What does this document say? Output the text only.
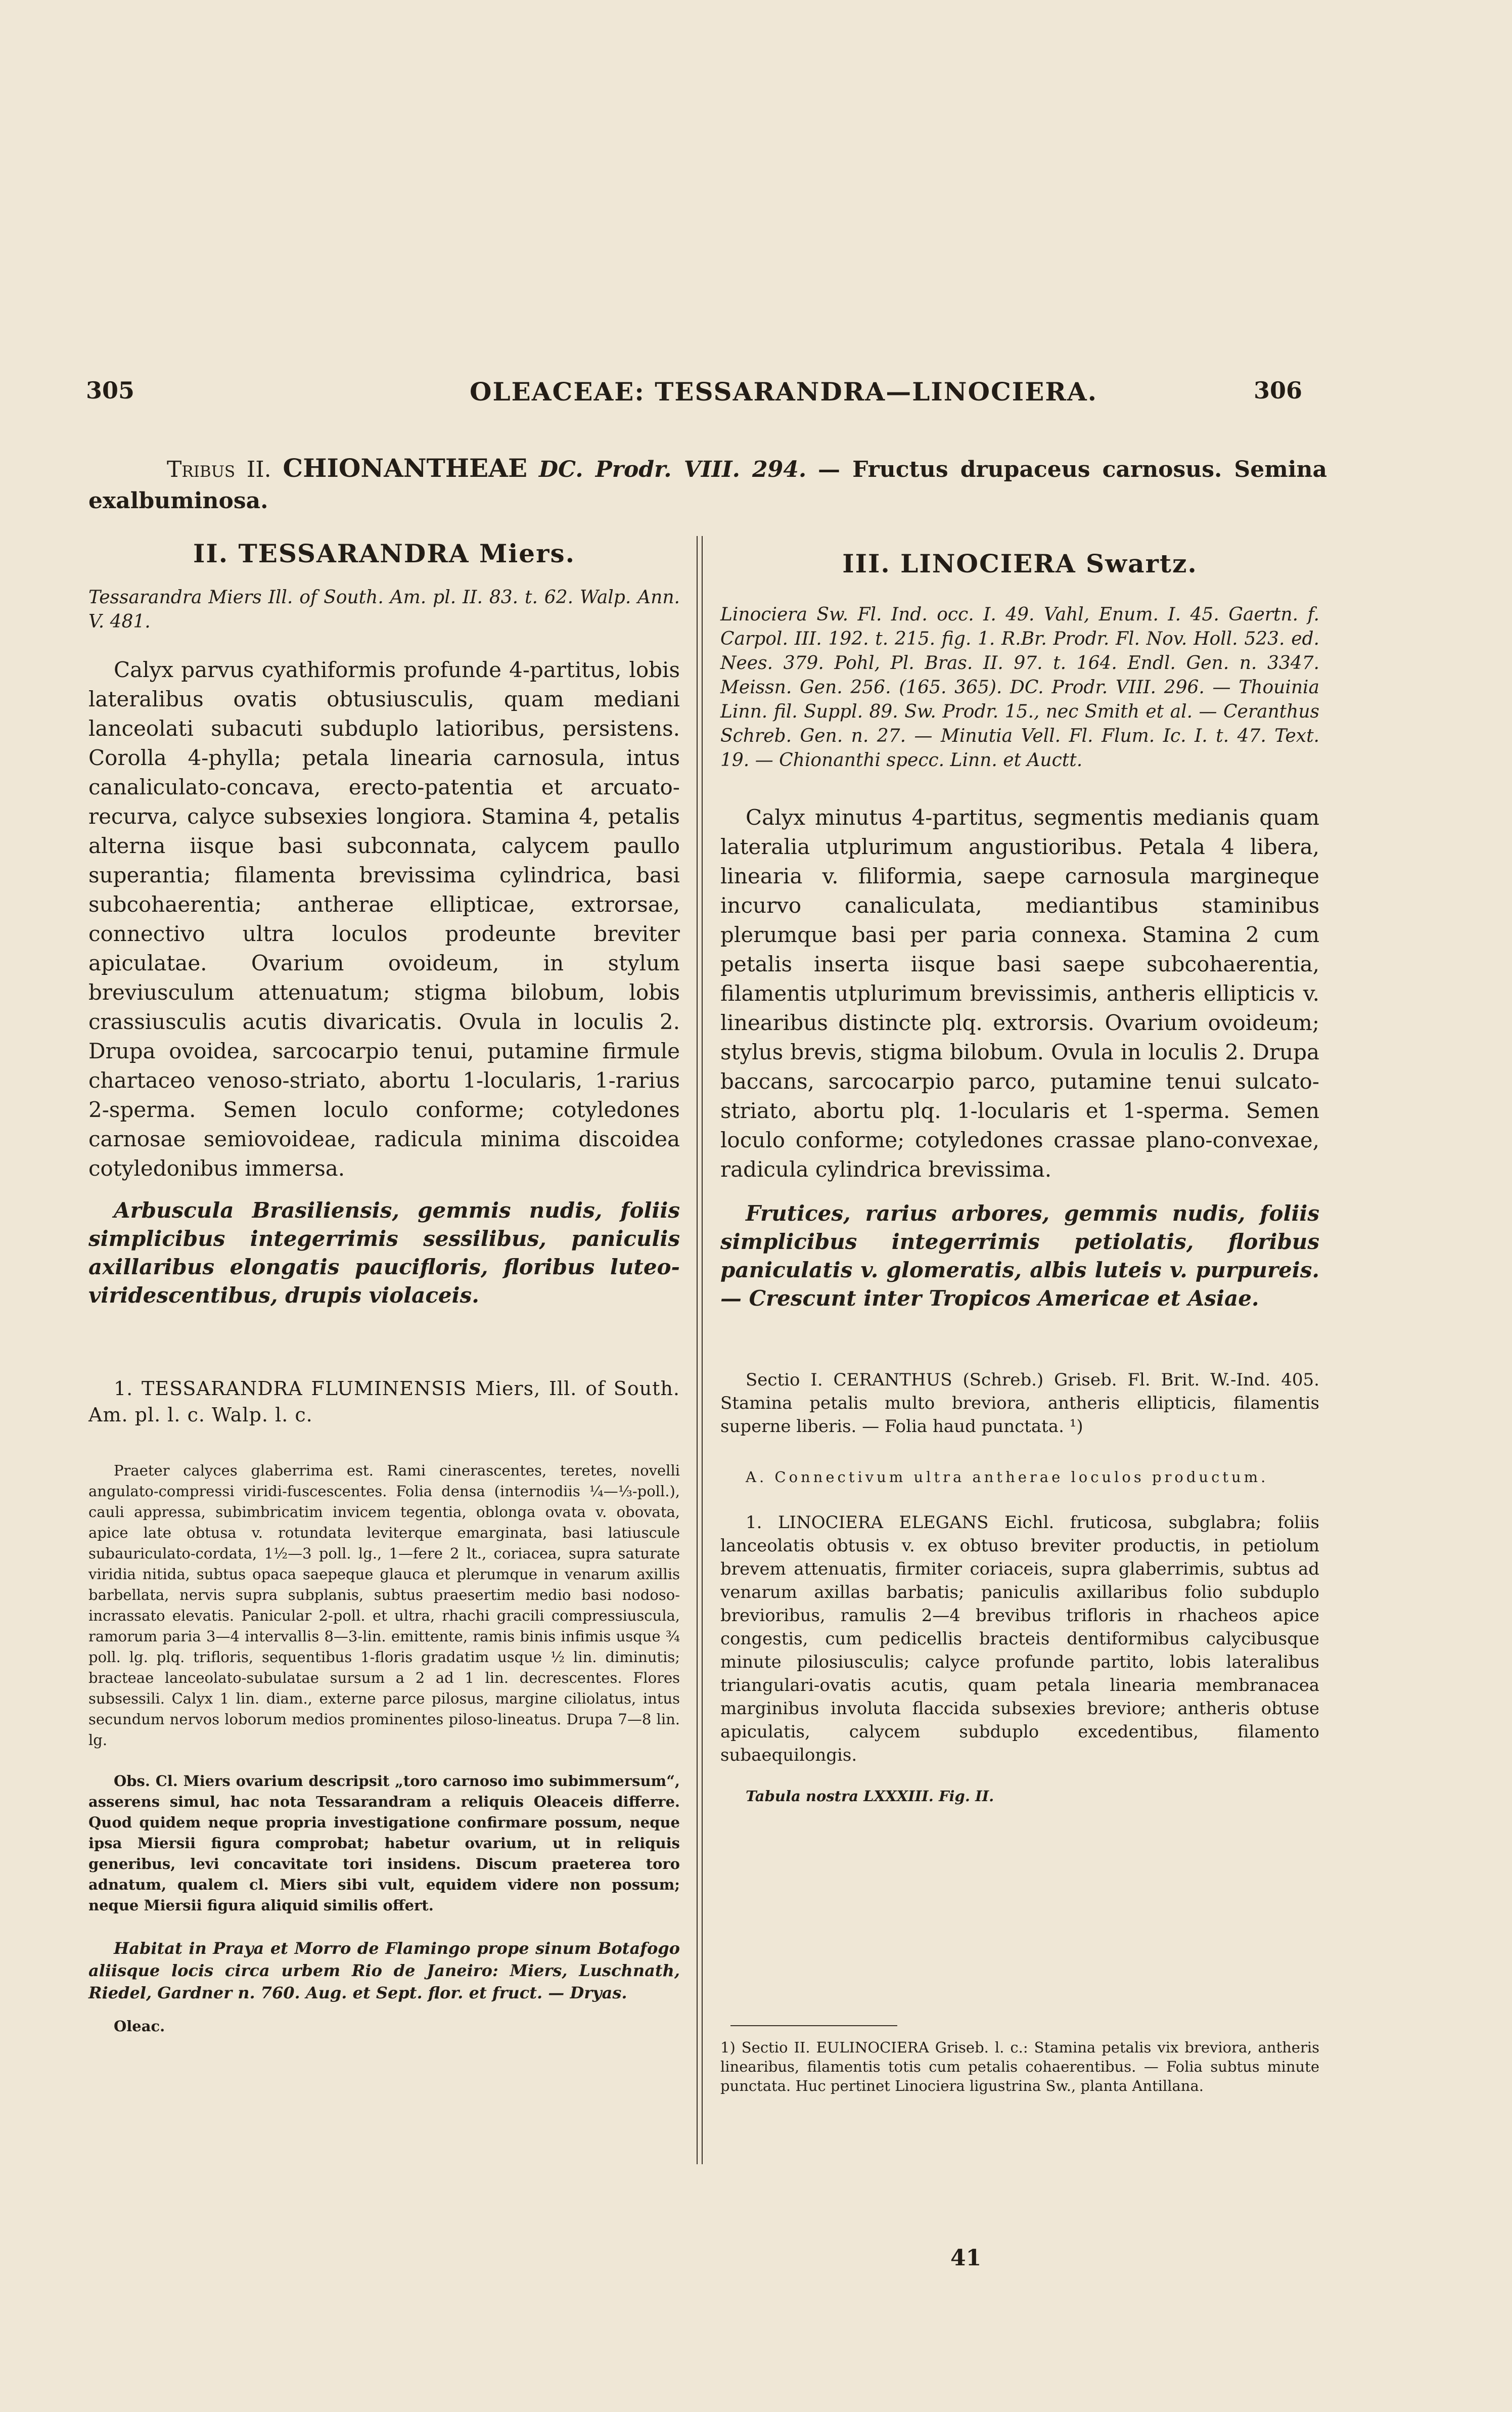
305	OLEACEAE: TESSARANDRA—LINOCIERA.	306
Tribus II. CHIONANTHEAE DC. Prodr. VIII. 294. — Fructus drupaceus carnosus. Semina exalbuminosa.
II. TESSARANDRA Miers.
Tessarandra Miers Ill. of South. Am. pl. II. 83. t. 62. Walp. Ann. V. 481.
Calyx parvus cyathiformis profunde 4-partitus, lobis lateralibus ovatis obtusiusculis, quam mediani lanceolati subacuti subduplo latioribus, persistens. Corolla 4-phylla; petala linearia carnosula, intus canaliculato-concava, erecto-patentia et arcuato-recurva, calyce subsexies longiora. Stamina 4, petalis alterna iisque basi subconnata, calycem paullo superantia; filamenta brevissima cylindrica, basi subcohaerentia; antherae ellipticae, extrorsae, connectivo ultra loculos prodeunte breviter apiculatae. Ovarium ovoideum, in stylum breviusculum attenuatum; stigma bilobum, lobis crassiusculis acutis divaricatis. Ovula in loculis 2. Drupa ovoidea, sarcocarpio tenui, putamine firmule chartaceo venoso-striato, abortu 1-locularis, 1-rarius 2-sperma. Semen loculo conforme; cotyledones carnosae semiovoideae, radicula minima discoidea cotyledonibus immersa.
Arbuscula Brasiliensis, gemmis nudis, foliis simplicibus integerrimis sessilibus, paniculis axillaribus elongatis paucifloris, floribus luteo-viridescentibus, drupis violaceis.
1. TESSARANDRA FLUMINENSIS Miers, Ill. of South. Am. pl. l. c. Walp. l. c.
Praeter calyces glaberrima est. Rami cinerascentes, teretes, novelli angulato-compressi viridi-fuscescentes. Folia densa (internodiis ¼—⅓-poll.), cauli appressa, subimbricatim invicem tegentia, oblonga ovata v. obovata, apice late obtusa v. rotundata leviterque emarginata, basi latiuscule subauriculato-cordata, 1½—3 poll. lg., 1—fere 2 lt., coriacea, supra saturate viridia nitida, subtus opaca saepeque glauca et plerumque in venarum axillis barbellata, nervis supra subplanis, subtus praesertim medio basi nodoso-incrassato elevatis. Panicular 2-poll. et ultra, rhachi gracili compressiuscula, ramorum paria 3—4 intervallis 8—3-lin. emittente, ramis binis infimis usque ¾ poll. lg. plq. trifloris, sequentibus 1-floris gradatim usque ½ lin. diminutis; bracteae lanceolato-subulatae sursum a 2 ad 1 lin. decrescentes. Flores subsessili. Calyx 1 lin. diam., externe parce pilosus, margine ciliolatus, intus secundum nervos loborum medios prominentes piloso-lineatus. Drupa 7—8 lin. lg.
Obs. Cl. Miers ovarium descripsit „toro carnoso imo subimmersum“, asserens simul, hac nota Tessarandram a reliquis Oleaceis differre. Quod quidem neque propria investigatione confirmare possum, neque ipsa Miersii figura comprobat; habetur ovarium, ut in reliquis generibus, levi concavitate tori insidens. Discum praeterea toro adnatum, qualem cl. Miers sibi vult, equidem videre non possum; neque Miersii figura aliquid similis offert.
Habitat in Praya et Morro de Flamingo prope sinum Botafogo aliisque locis circa urbem Rio de Janeiro: Miers, Luschnath, Riedel, Gardner n. 760. Aug. et Sept. flor. et fruct. — Dryas.
Oleac.
III. LINOCIERA Swartz.
Linociera Sw. Fl. Ind. occ. I. 49. Vahl, Enum. I. 45. Gaertn. f. Carpol. III. 192. t. 215. fig. 1. R.Br. Prodr. Fl. Nov. Holl. 523. ed. Nees. 379. Pohl, Pl. Bras. II. 97. t. 164. Endl. Gen. n. 3347. Meissn. Gen. 256. (165. 365). DC. Prodr. VIII. 296. — Thouinia Linn. fil. Suppl. 89. Sw. Prodr. 15., nec Smith et al. — Ceranthus Schreb. Gen. n. 27. — Minutia Vell. Fl. Flum. Ic. I. t. 47. Text. 19. — Chionanthi specc. Linn. et Auctt.
Calyx minutus 4-partitus, segmentis medianis quam lateralia utplurimum angustioribus. Petala 4 libera, linearia v. filiformia, saepe carnosula margineque incurvo canaliculata, mediantibus staminibus plerumque basi per paria connexa. Stamina 2 cum petalis inserta iisque basi saepe subcohaerentia, filamentis utplurimum brevissimis, antheris ellipticis v. linearibus distincte plq. extrorsis. Ovarium ovoideum; stylus brevis, stigma bilobum. Ovula in loculis 2. Drupa baccans, sarcocarpio parco, putamine tenui sulcato-striato, abortu plq. 1-locularis et 1-sperma. Semen loculo conforme; cotyledones crassae plano-convexae, radicula cylindrica brevissima.
Frutices, rarius arbores, gemmis nudis, foliis simplicibus integerrimis petiolatis, floribus paniculatis v. glomeratis, albis luteis v. purpureis. — Crescunt inter Tropicos Americae et Asiae.
Sectio I. CERANTHUS (Schreb.) Griseb. Fl. Brit. W.-Ind. 405. Stamina petalis multo breviora, antheris ellipticis, filamentis superne liberis. — Folia haud punctata. ¹)
A. Connectivum ultra antherae loculos productum.
1. LINOCIERA ELEGANS Eichl. fruticosa, subglabra; foliis lanceolatis obtusis v. ex obtuso breviter productis, in petiolum brevem attenuatis, firmiter coriaceis, supra glaberrimis, subtus ad venarum axillas barbatis; paniculis axillaribus folio subduplo brevioribus, ramulis 2—4 brevibus trifloris in rhacheos apice congestis, cum pedicellis bracteis dentiformibus calycibusque minute pilosiusculis; calyce profunde partito, lobis lateralibus triangulari-ovatis acutis, quam petala linearia membranacea marginibus involuta flaccida subsexies breviore; antheris obtuse apiculatis, calycem subduplo excedentibus, filamento subaequilongis.
Tabula nostra LXXXIII. Fig. II.
1) Sectio II. EULINOCIERA Griseb. l. c.: Stamina petalis vix breviora, antheris linearibus, filamentis totis cum petalis cohaerentibus. — Folia subtus minute punctata. Huc pertinet Linociera ligustrina Sw., planta Antillana.
41
